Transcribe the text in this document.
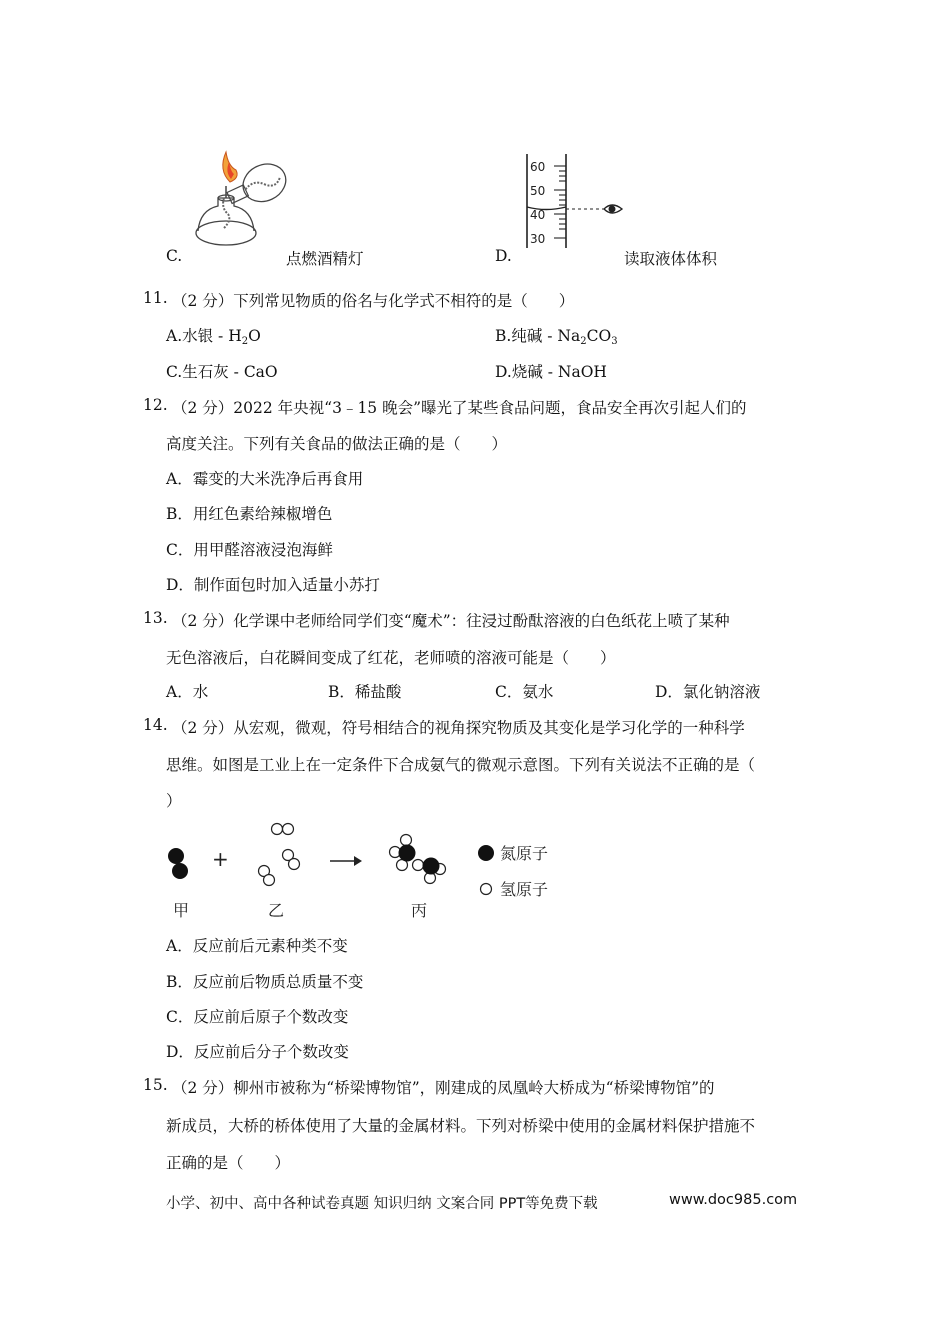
C.	点燃酒精灯
60
50
40
30
D.	读取液体体积
11. （2 分）下列常见物质的俗名与化学式不相符的是（　　）
A.水银 - $H_2O$	B.纯碱 - $Na_2CO_3$
C.生石灰 - CaO	D.烧碱 - NaOH
12. （2 分）2022 年央视“3﹣15 晚会”曝光了某些食品问题，食品安全再次引起人们的
高度关注。下列有关食品的做法正确的是（　　）
A．霉变的大米洗净后再食用
B．用红色素给辣椒增色
C．用甲醛溶液浸泡海鲜
D．制作面包时加入适量小苏打
13. （2 分）化学课中老师给同学们变“魔术”：往浸过酚酞溶液的白色纸花上喷了某种
无色溶液后，白花瞬间变成了红花，老师喷的溶液可能是（　　）
A．水	B．稀盐酸	C．氨水	D．氯化钠溶液
14. （2 分）从宏观，微观，符号相结合的视角探究物质及其变化是学习化学的一种科学
思维。如图是工业上在一定条件下合成氨气的微观示意图。下列有关说法不正确的是（
）
+	氮原子
氢原子
甲	乙	丙
A．反应前后元素种类不变
B．反应前后物质总质量不变
C．反应前后原子个数改变
D．反应前后分子个数改变
15. （2 分）柳州市被称为“桥梁博物馆”，刚建成的凤凰岭大桥成为“桥梁博物馆”的
新成员，大桥的桥体使用了大量的金属材料。下列对桥梁中使用的金属材料保护措施不
正确的是（　　）
小学、初中、高中各种试卷真题 知识归纳 文案合同 PPT等免费下载	www.doc985.com
